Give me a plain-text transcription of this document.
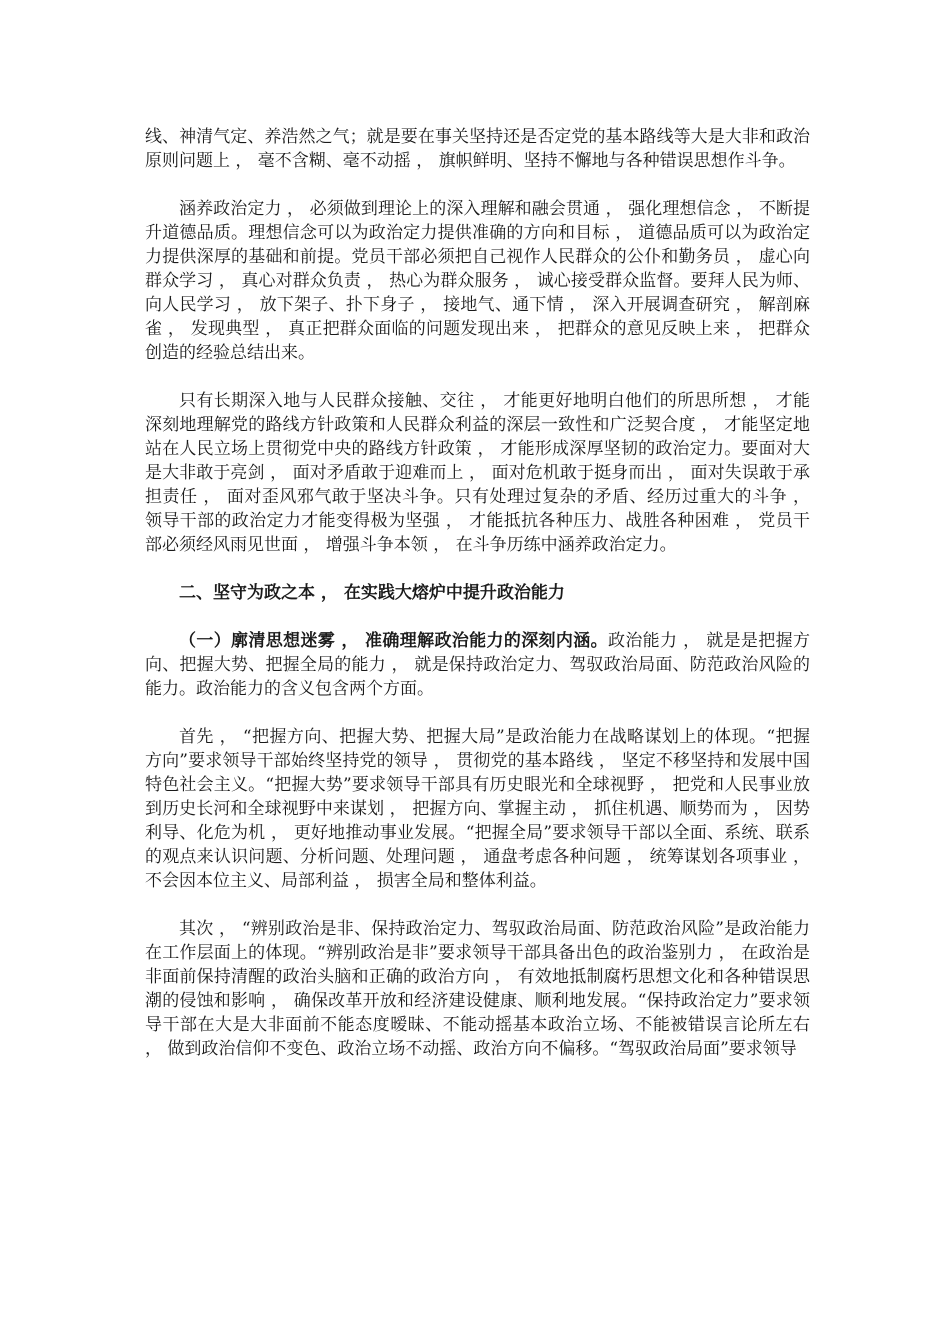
线、神清气定、养浩然之气；就是要在事关坚持还是否定党的基本路线等大是大非和政治原则问题上 ， 毫不含糊、毫不动摇 ， 旗帜鲜明、坚持不懈地与各种错误思想作斗争。

涵养政治定力 ， 必须做到理论上的深入理解和融会贯通 ， 强化理想信念 ， 不断提升道德品质。理想信念可以为政治定力提供准确的方向和目标 ， 道德品质可以为政治定力提供深厚的基础和前提。党员干部必须把自己视作人民群众的公仆和勤务员 ， 虚心向群众学习 ， 真心对群众负责 ， 热心为群众服务 ， 诚心接受群众监督。要拜人民为师、向人民学习 ， 放下架子、扑下身子 ， 接地气、通下情 ， 深入开展调查研究 ， 解剖麻雀 ， 发现典型 ， 真正把群众面临的问题发现出来 ， 把群众的意见反映上来 ， 把群众创造的经验总结出来。

只有长期深入地与人民群众接触、交往 ， 才能更好地明白他们的所思所想 ， 才能深刻地理解党的路线方针政策和人民群众利益的深层一致性和广泛契合度 ， 才能坚定地站在人民立场上贯彻党中央的路线方针政策 ， 才能形成深厚坚韧的政治定力。要面对大是大非敢于亮剑 ， 面对矛盾敢于迎难而上 ， 面对危机敢于挺身而出 ， 面对失误敢于承担责任 ， 面对歪风邪气敢于坚决斗争。只有处理过复杂的矛盾、经历过重大的斗争 ， 领导干部的政治定力才能变得极为坚强 ， 才能抵抗各种压力、战胜各种困难 ， 党员干部必须经风雨见世面 ， 增强斗争本领 ， 在斗争历练中涵养政治定力。

二、坚守为政之本 ， 在实践大熔炉中提升政治能力

（一）廓清思想迷雾 ， 准确理解政治能力的深刻内涵。政治能力 ， 就是是把握方向、把握大势、把握全局的能力 ， 就是保持政治定力、驾驭政治局面、防范政治风险的能力。政治能力的含义包含两个方面。

首先 ， “把握方向、把握大势、把握大局”是政治能力在战略谋划上的体现。“把握方向”要求领导干部始终坚持党的领导 ， 贯彻党的基本路线 ， 坚定不移坚持和发展中国特色社会主义。“把握大势”要求领导干部具有历史眼光和全球视野 ， 把党和人民事业放到历史长河和全球视野中来谋划 ， 把握方向、掌握主动 ， 抓住机遇、顺势而为 ， 因势利导、化危为机 ， 更好地推动事业发展。“把握全局”要求领导干部以全面、系统、联系的观点来认识问题、分析问题、处理问题 ， 通盘考虑各种问题 ， 统筹谋划各项事业 ， 不会因本位主义、局部利益 ， 损害全局和整体利益。

其次 ， “辨别政治是非、保持政治定力、驾驭政治局面、防范政治风险”是政治能力在工作层面上的体现。“辨别政治是非”要求领导干部具备出色的政治鉴别力 ， 在政治是非面前保持清醒的政治头脑和正确的政治方向 ， 有效地抵制腐朽思想文化和各种错误思潮的侵蚀和影响 ， 确保改革开放和经济建设健康、顺利地发展。“保持政治定力”要求领导干部在大是大非面前不能态度暧昧、不能动摇基本政治立场、不能被错误言论所左右 ， 做到政治信仰不变色、政治立场不动摇、政治方向不偏移。“驾驭政治局面”要求领导
